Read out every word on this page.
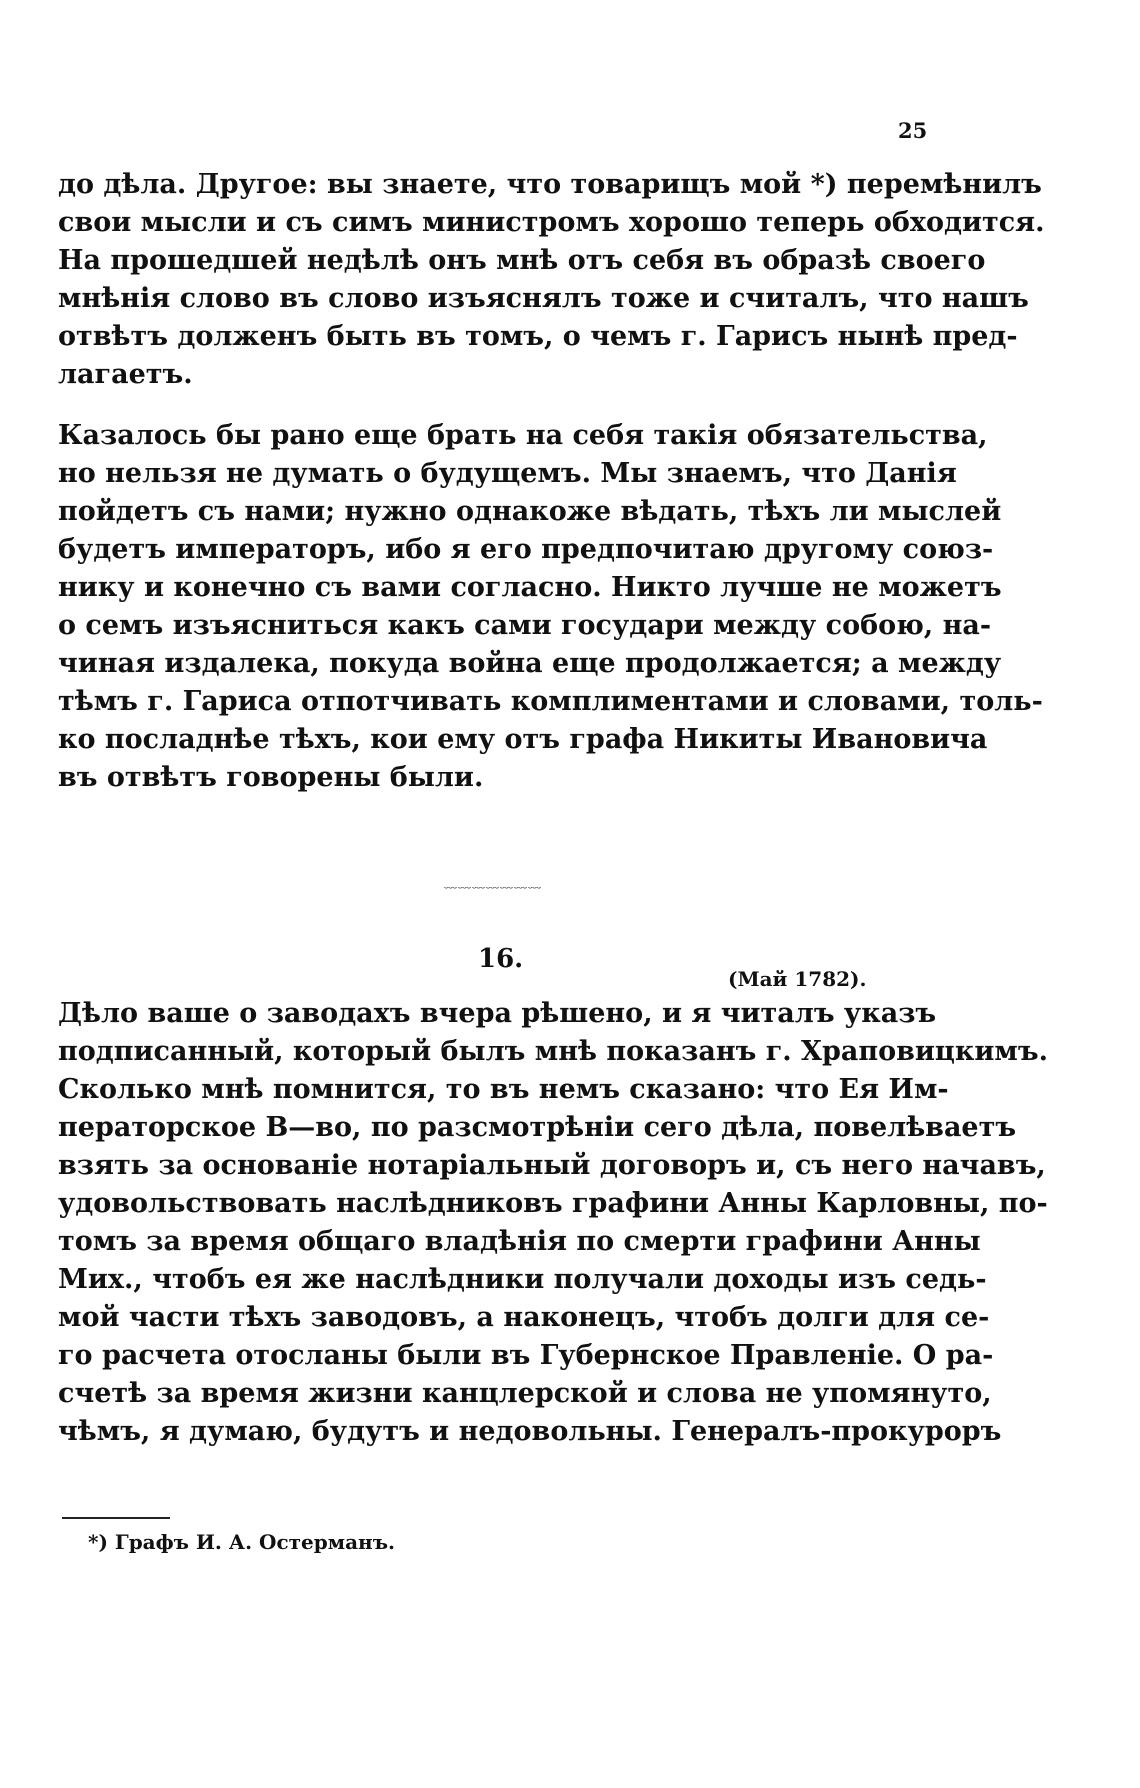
25
до дѣла. Другое: вы знаете, что товарищъ мой *) перемѣнилъ
свои мысли и съ симъ министромъ хорошо теперь обходится.
На прошедшей недѣлѣ онъ мнѣ отъ себя въ образѣ своего
мнѣнія слово въ слово изъяснялъ тоже и считалъ, что нашъ
отвѣтъ долженъ быть въ томъ, о чемъ г. Гарисъ нынѣ пред-
лагаетъ.
Казалось бы рано еще брать на себя такія обязательства,
но нельзя не думать о будущемъ. Мы знаемъ, что Данія
пойдетъ съ нами; нужно однакоже вѣдать, тѣхъ ли мыслей
будетъ императоръ, ибо я его предпочитаю другому союз-
нику и конечно съ вами согласно. Никто лучше не можетъ
о семъ изъясниться какъ сами государи между собою, на-
чиная издалека, покуда война еще продолжается; а между
тѣмъ г. Гариса отпотчивать комплиментами и словами, толь-
ко посладнѣе тѣхъ, кои ему отъ графа Никиты Ивановича
въ отвѣтъ говорены были.
﹏﹏﹏﹏﹏﹏﹏
16.
(Май 1782).
Дѣло ваше о заводахъ вчера рѣшено, и я читалъ указъ
подписанный, который былъ мнѣ показанъ г. Храповицкимъ.
Сколько мнѣ помнится, то въ немъ сказано: что Ея Им-
ператорское В—во, по разсмотрѣніи сего дѣла, повелѣваетъ
взять за основаніе нотаріальный договоръ и, съ него начавъ,
удовольствовать наслѣдниковъ графини Анны Карловны, по-
томъ за время общаго владѣнія по смерти графини Анны
Мих., чтобъ ея же наслѣдники получали доходы изъ седь-
мой части тѣхъ заводовъ, а наконецъ, чтобъ долги для се-
го расчета отосланы были въ Губернское Правленіе. О ра-
счетѣ за время жизни канцлерской и слова не упомянуто,
чѣмъ, я думаю, будутъ и недовольны. Генералъ-прокуроръ
*) Графъ И. А. Остерманъ.
